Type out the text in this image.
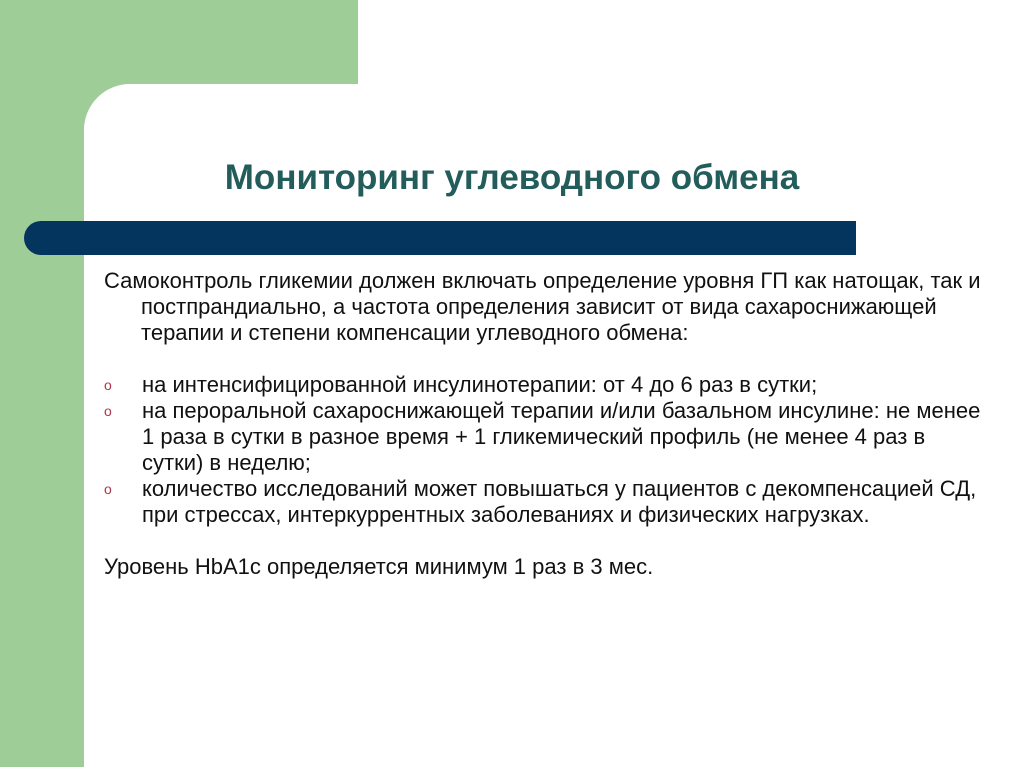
Мониторинг углеводного обмена

Самоконтроль гликемии должен включать определение уровня ГП как натощак, так и постпрандиально, а частота определения зависит от вида сахароснижающей терапии и степени компенсации углеводного обмена:

o на интенсифицированной инсулинотерапии: от 4 до 6 раз в сутки;
o на пероральной сахароснижающей терапии и/или базальном инсулине: не менее 1 раза в сутки в разное время + 1 гликемический профиль (не менее 4 раз в сутки) в неделю;
o количество исследований может повышаться у пациентов с декомпенсацией СД, при стрессах, интеркуррентных заболеваниях и физических нагрузках.

Уровень HbA1c определяется минимум 1 раз в 3 мес.
